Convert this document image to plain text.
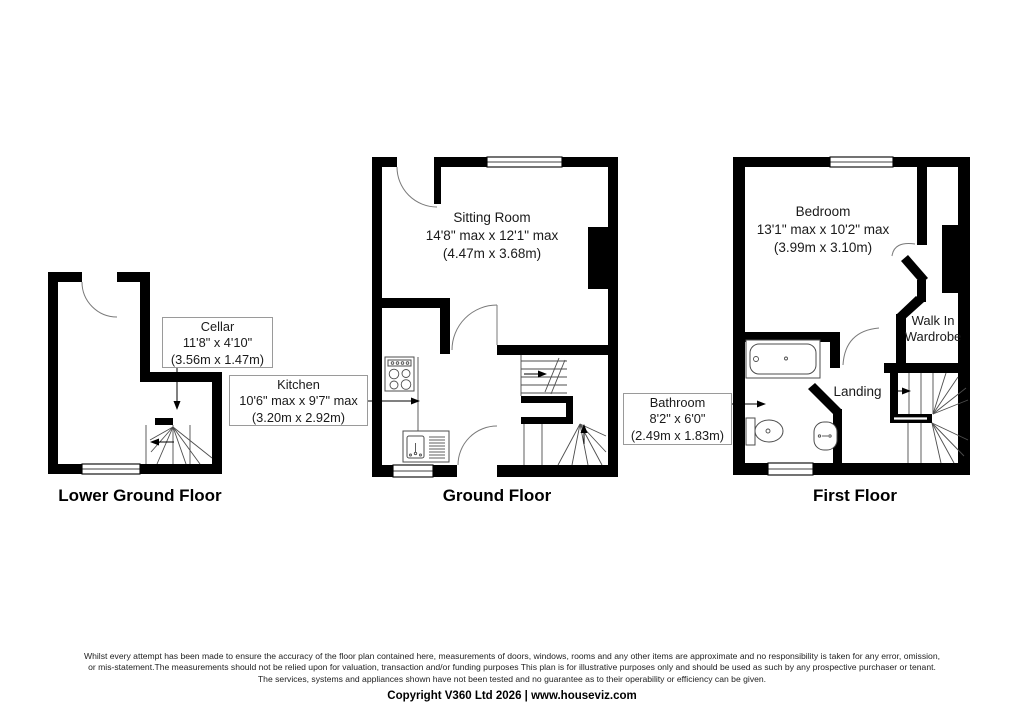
Sitting Room
14'8" max x 12'1" max
(4.47m x 3.68m)
Bedroom
13'1" max x 10'2" max
(3.99m x 3.10m)
Walk In
Wardrobe
Landing
Cellar
11'8" x 4'10"
(3.56m x 1.47m)
Kitchen
10'6" max x 9'7" max
(3.20m x 2.92m)
Bathroom
8'2" x 6'0"
(2.49m x 1.83m)
Lower Ground Floor	Ground Floor	First Floor
Whilst every attempt has been made to ensure the accuracy of the floor plan contained here, measurements of doors, windows, rooms and any other items are approximate and no responsibility is taken for any error, omission,
or mis-statement.The measurements should not be relied upon for valuation, transaction and/or funding purposes This plan is for illustrative purposes only and should be used as such by any prospective purchaser or tenant.
The services, systems and appliances shown have not been tested and no guarantee as to their operability or efficiency can be given.
Copyright V360 Ltd 2026 | www.houseviz.com
